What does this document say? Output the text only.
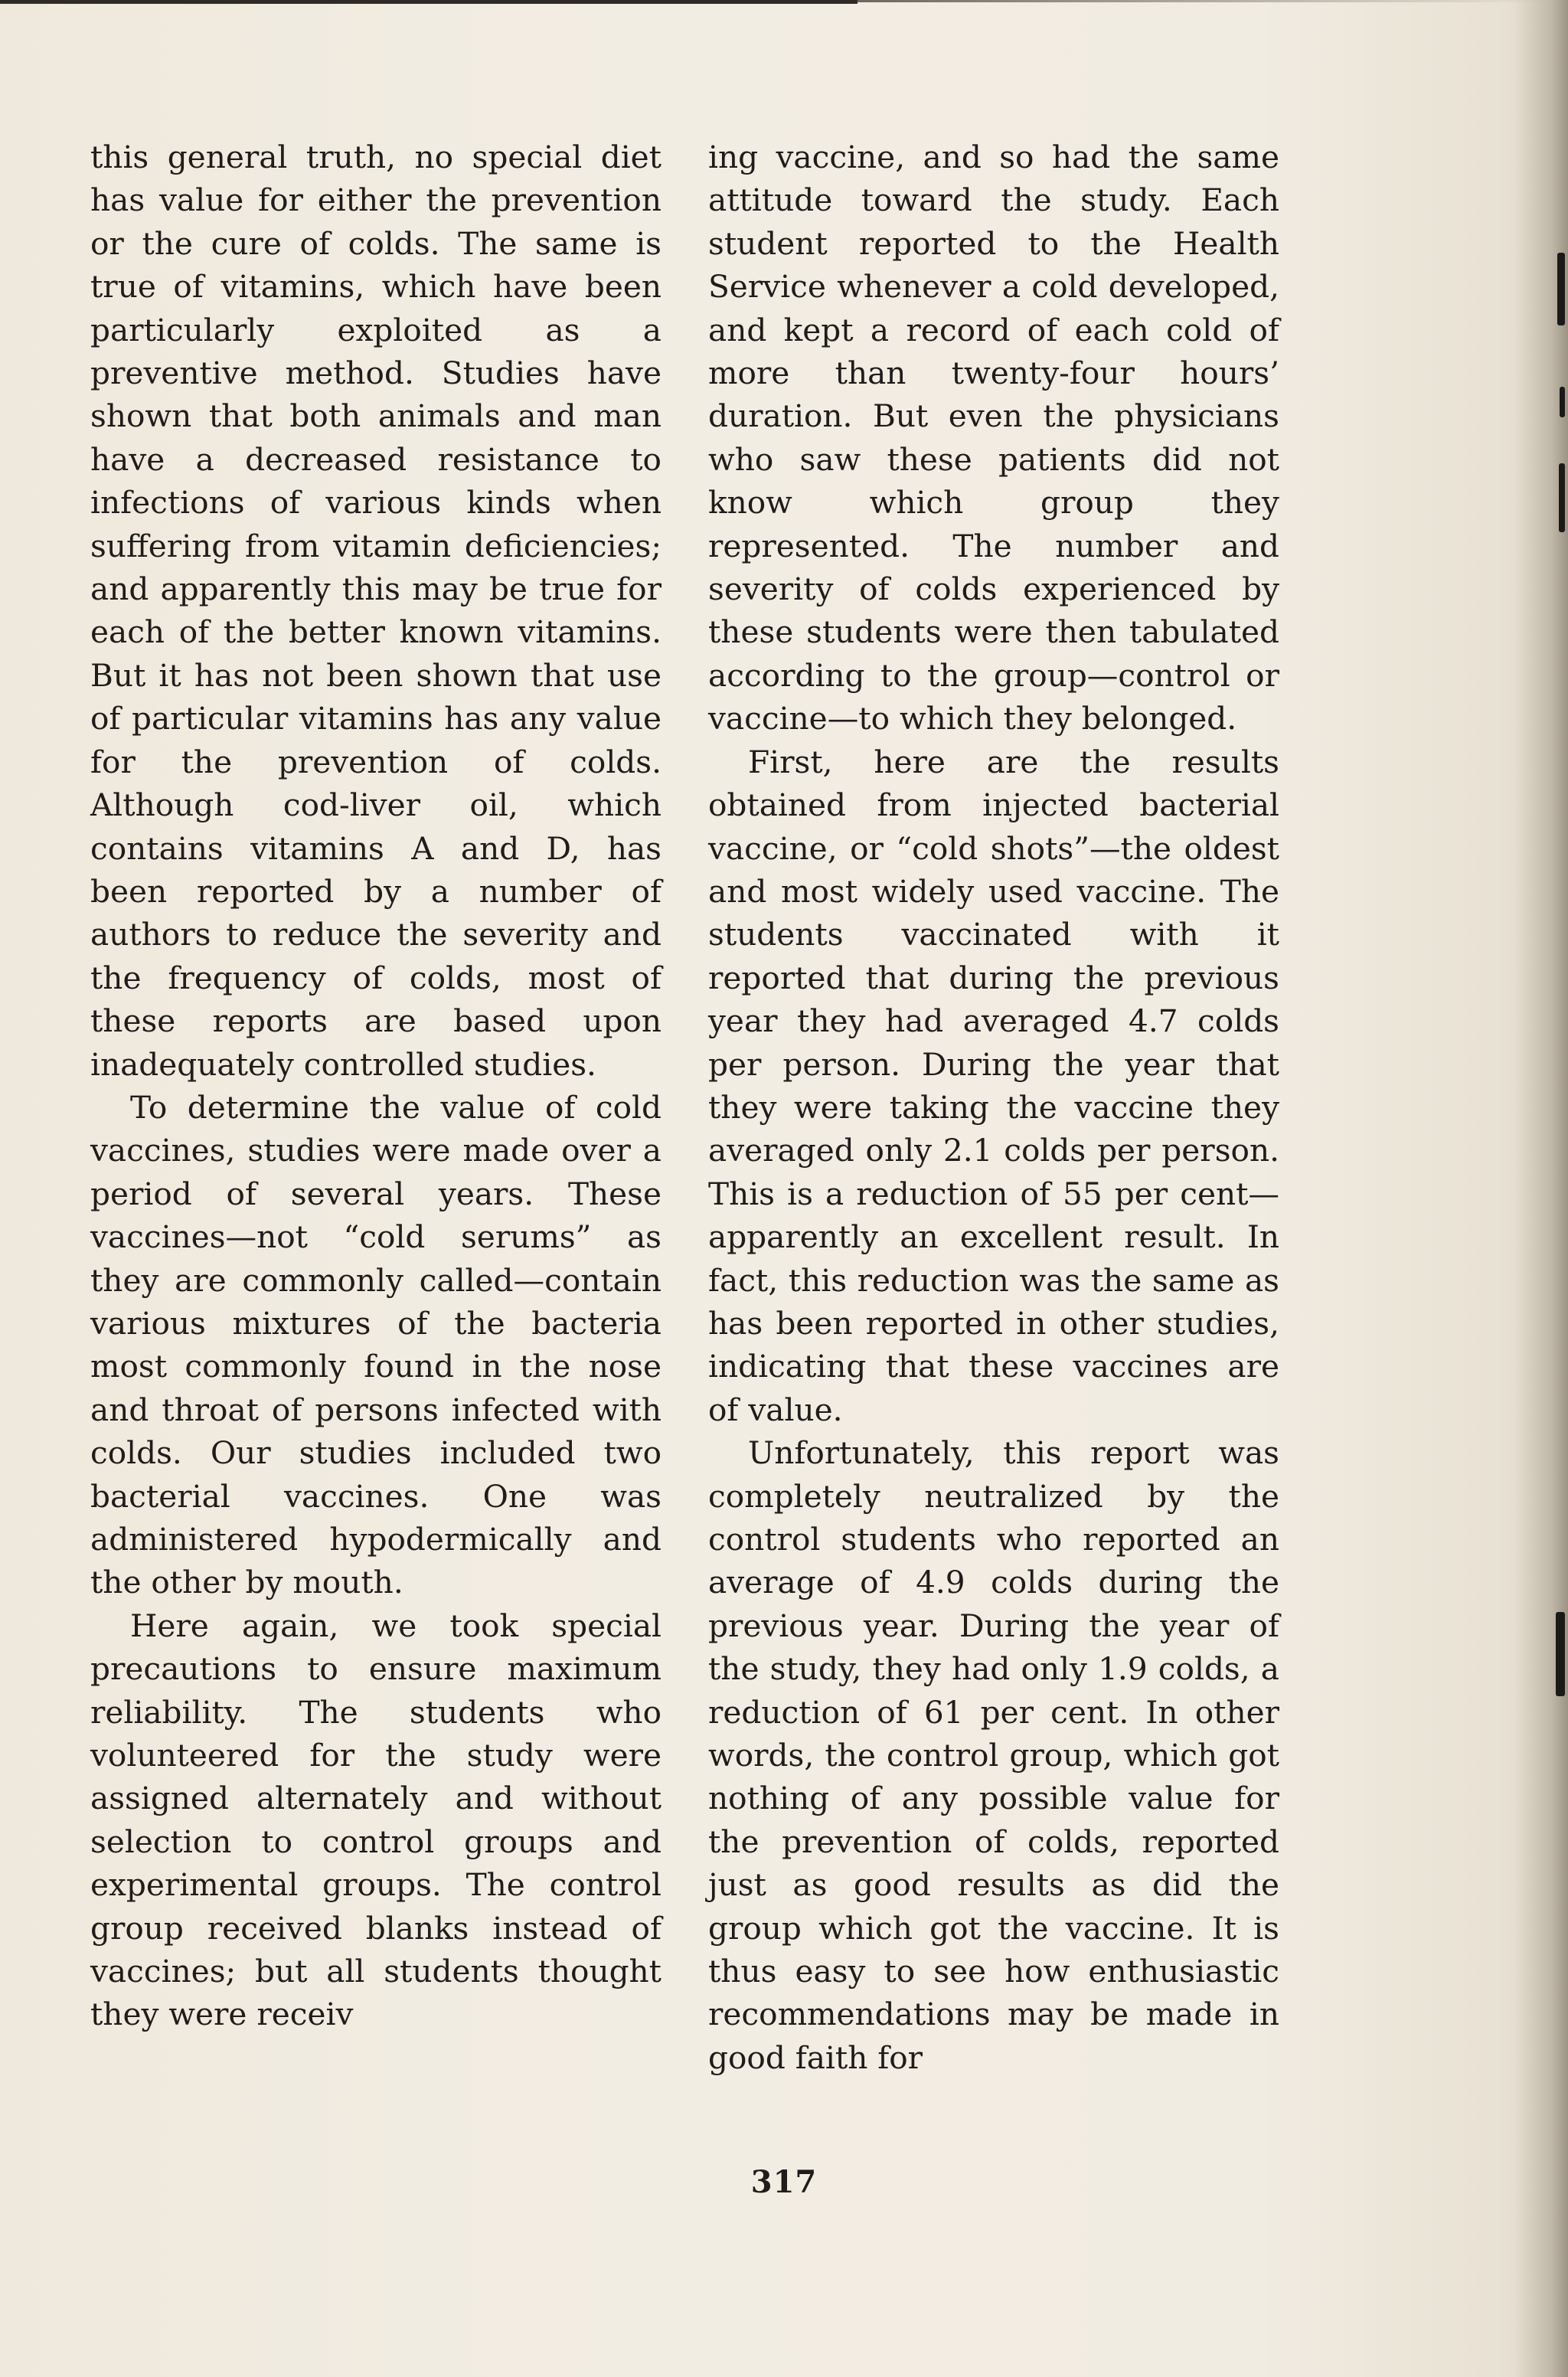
this general truth, no special diet has value for either the prevention or the cure of colds. The same is true of vitamins, which have been particularly exploited as a preventive method. Studies have shown that both animals and man have a decreased resistance to infections of various kinds when suffering from vitamin deficiencies; and apparently this may be true for each of the better known vitamins. But it has not been shown that use of particular vitamins has any value for the prevention of colds. Although cod-liver oil, which contains vitamins A and D, has been reported by a number of authors to reduce the severity and the frequency of colds, most of these reports are based upon inadequately controlled studies.

To determine the value of cold vaccines, studies were made over a period of several years. These vaccines—not “cold serums” as they are commonly called—contain various mixtures of the bacteria most commonly found in the nose and throat of persons infected with colds. Our studies included two bacterial vaccines. One was administered hypodermically and the other by mouth.

Here again, we took special precautions to ensure maximum reliability. The students who volunteered for the study were assigned alternately and without selection to control groups and experimental groups. The control group received blanks instead of vaccines; but all students thought they were receiv

ing vaccine, and so had the same attitude toward the study. Each student reported to the Health Service whenever a cold developed, and kept a record of each cold of more than twenty-four hours’ duration. But even the physicians who saw these patients did not know which group they represented. The number and severity of colds experienced by these students were then tabulated according to the group—control or vaccine—to which they belonged.

First, here are the results obtained from injected bacterial vaccine, or “cold shots”—the oldest and most widely used vaccine. The students vaccinated with it reported that during the previous year they had averaged 4.7 colds per person. During the year that they were taking the vaccine they averaged only 2.1 colds per person. This is a reduction of 55 per cent—apparently an excellent result. In fact, this reduction was the same as has been reported in other studies, indicating that these vaccines are of value.

Unfortunately, this report was completely neutralized by the control students who reported an average of 4.9 colds during the previous year. During the year of the study, they had only 1.9 colds, a reduction of 61 per cent. In other words, the control group, which got nothing of any possible value for the prevention of colds, reported just as good results as did the group which got the vaccine. It is thus easy to see how enthusiastic recommendations may be made in good faith for

317
